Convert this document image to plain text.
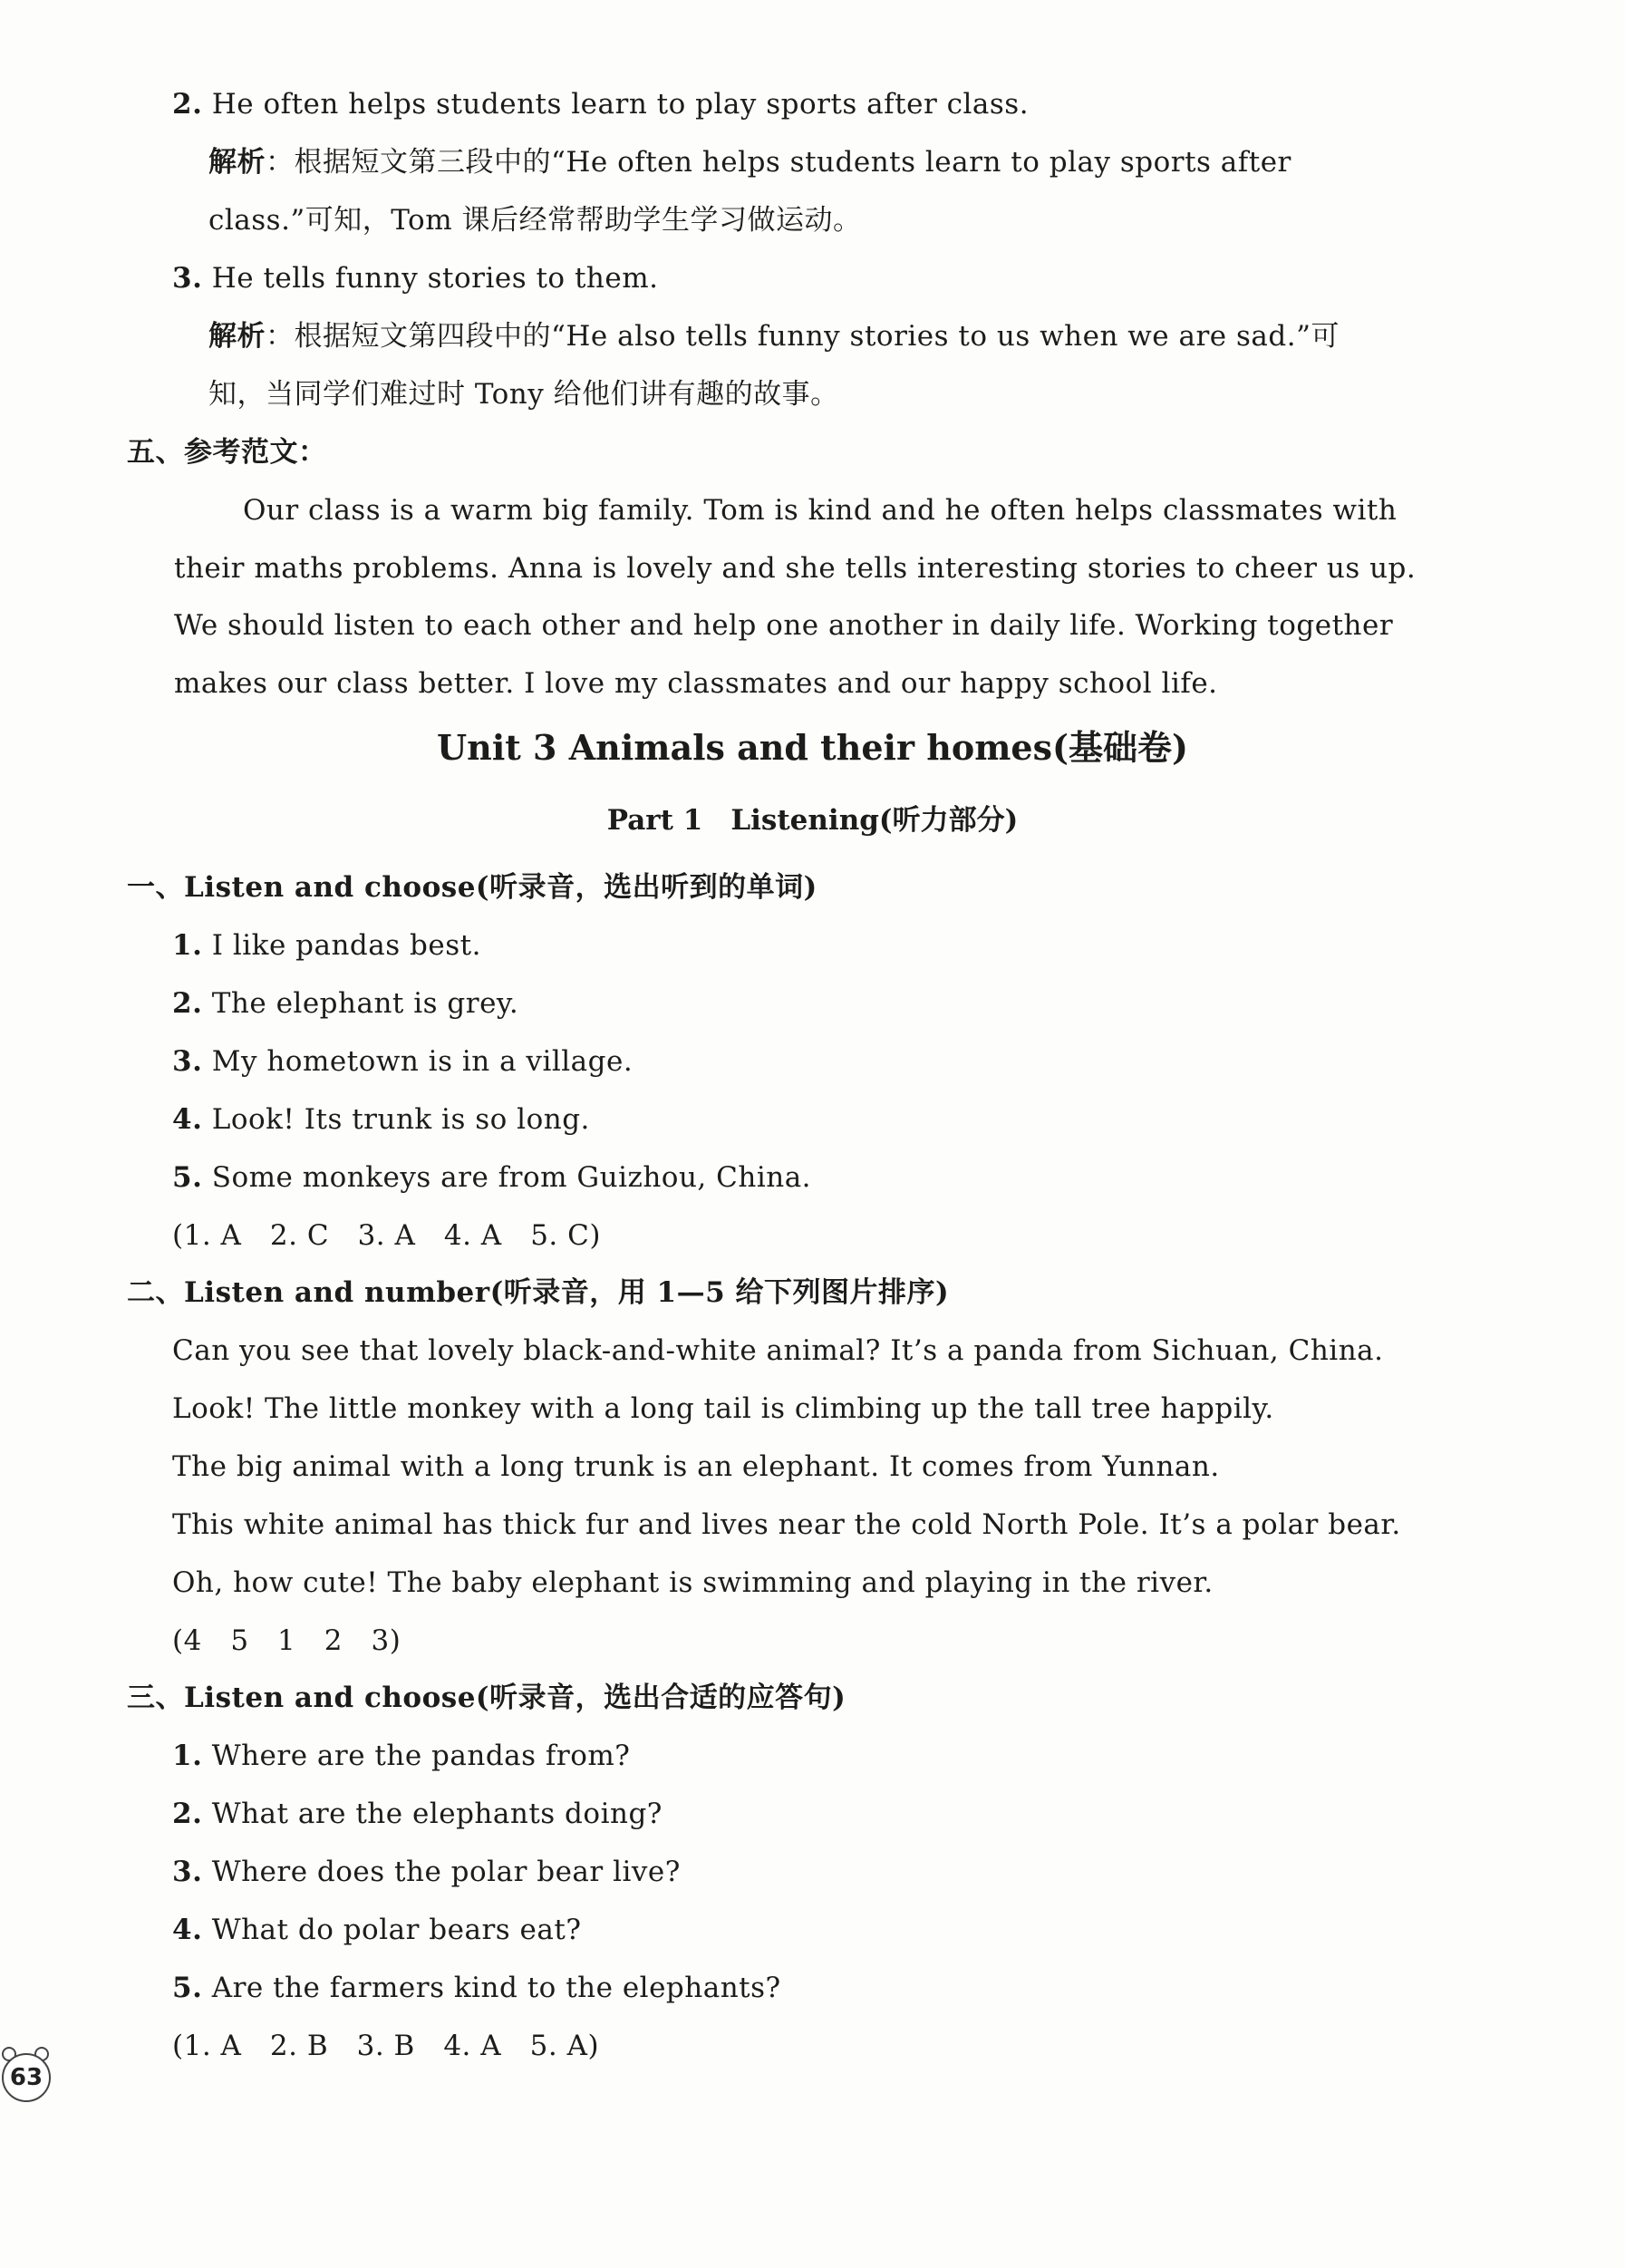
2. He often helps students learn to play sports after class.
解析：根据短文第三段中的“He often helps students learn to play sports after
class.”可知，Tom 课后经常帮助学生学习做运动。
3. He tells funny stories to them.
解析：根据短文第四段中的“He also tells funny stories to us when we are sad.”可
知，当同学们难过时 Tony 给他们讲有趣的故事。
五、参考范文：
Our class is a warm big family. Tom is kind and he often helps classmates with
their maths problems. Anna is lovely and she tells interesting stories to cheer us up.
We should listen to each other and help one another in daily life. Working together
makes our class better. I love my classmates and our happy school life.
Unit 3 Animals and their homes(基础卷)
Part 1　Listening(听力部分)
一、Listen and choose(听录音，选出听到的单词)
1. I like pandas best.
2. The elephant is grey.
3. My hometown is in a village.
4. Look! Its trunk is so long.
5. Some monkeys are from Guizhou, China.
(1. A　2. C　3. A　4. A　5. C)
二、Listen and number(听录音，用 1—5 给下列图片排序)
Can you see that lovely black-and-white animal? It’s a panda from Sichuan, China.
Look! The little monkey with a long tail is climbing up the tall tree happily.
The big animal with a long trunk is an elephant. It comes from Yunnan.
This white animal has thick fur and lives near the cold North Pole. It’s a polar bear.
Oh, how cute! The baby elephant is swimming and playing in the river.
(4　5　1　2　3)
三、Listen and choose(听录音，选出合适的应答句)
1. Where are the pandas from?
2. What are the elephants doing?
3. Where does the polar bear live?
4. What do polar bears eat?
5. Are the farmers kind to the elephants?
(1. A　2. B　3. B　4. A　5. A)
63
